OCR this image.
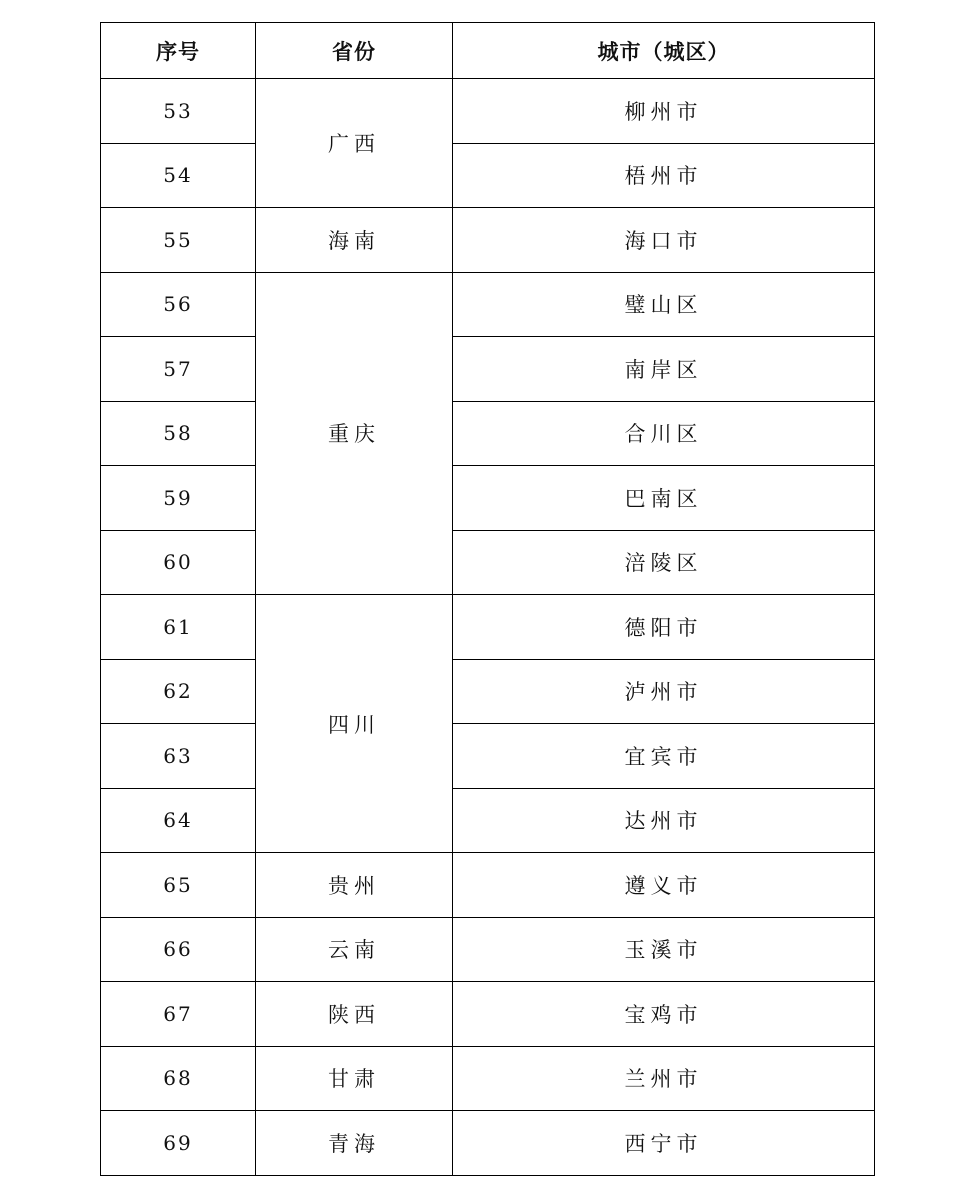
序号	省份	城市（城区）
53	广西	柳州市
54		梧州市
55	海南	海口市
56	重庆	璧山区
57		南岸区
58		合川区
59		巴南区
60		涪陵区
61	四川	德阳市
62		泸州市
63		宜宾市
64		达州市
65	贵州	遵义市
66	云南	玉溪市
67	陕西	宝鸡市
68	甘肃	兰州市
69	青海	西宁市
